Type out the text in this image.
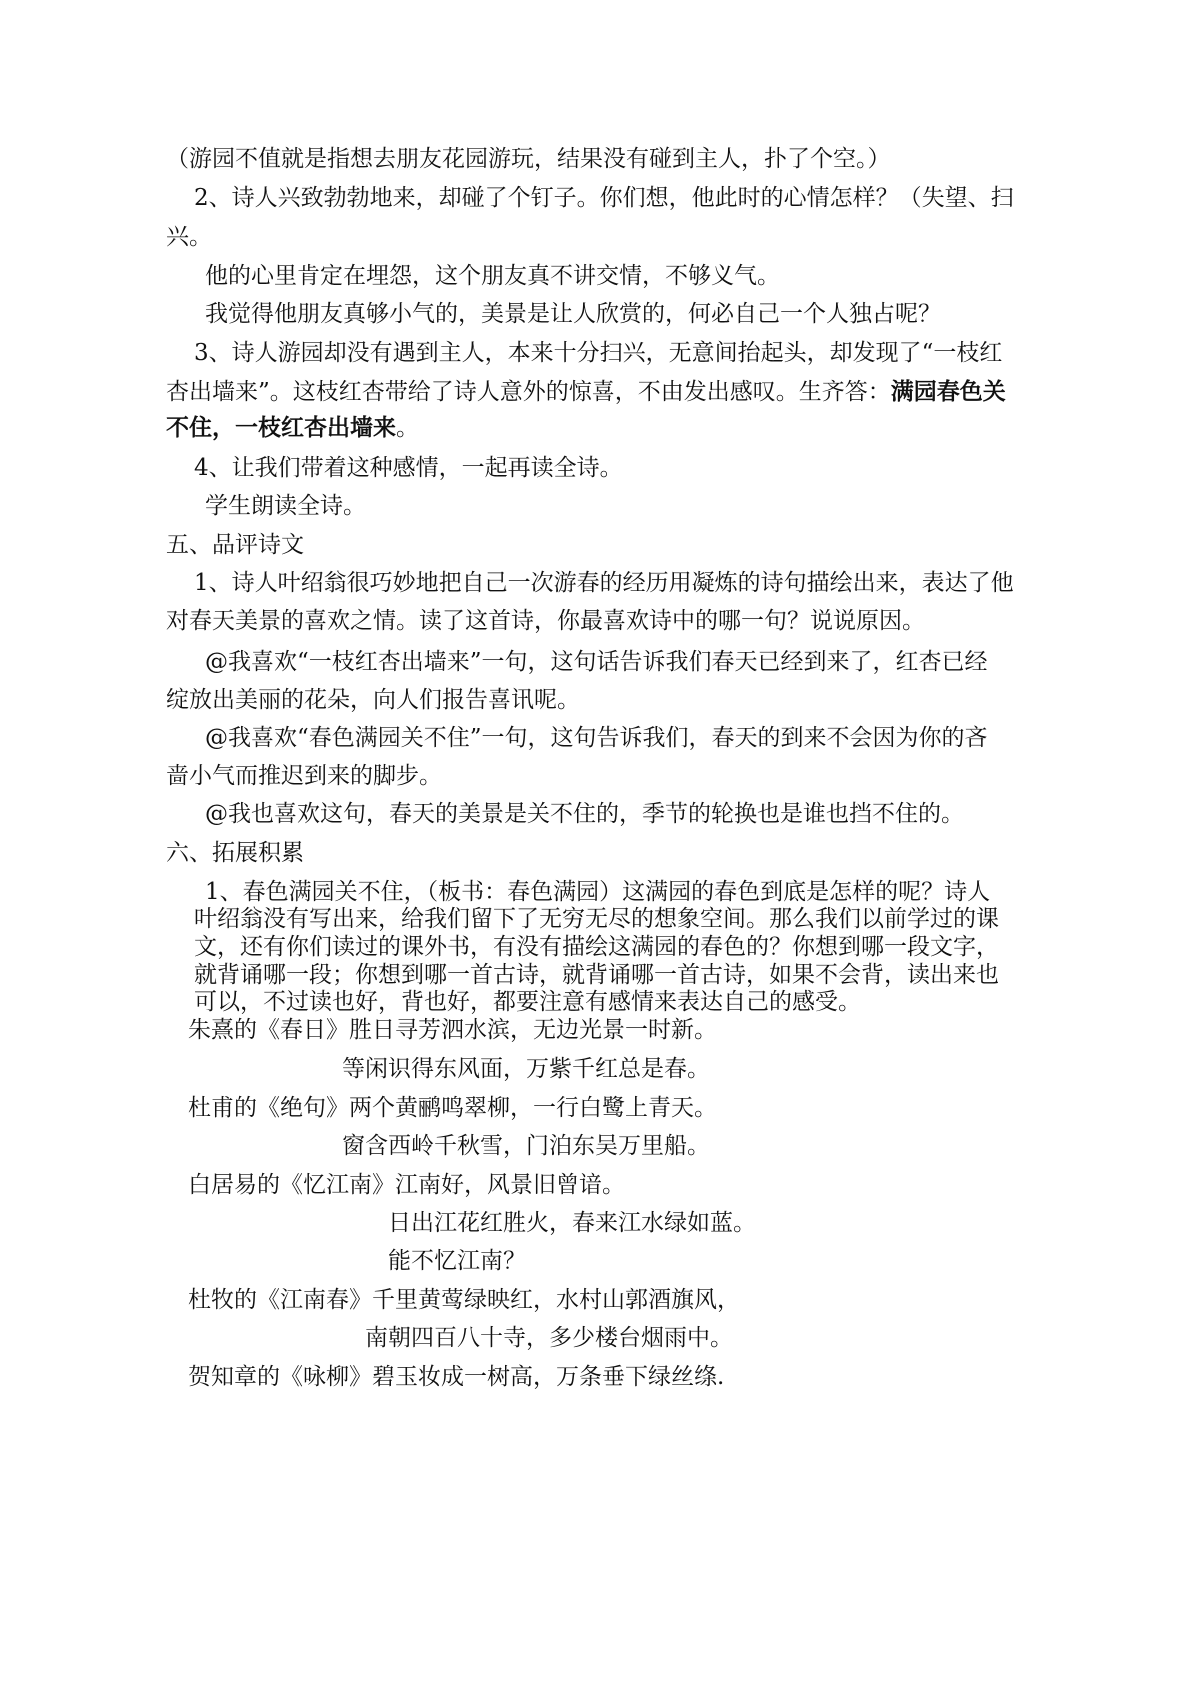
（游园不值就是指想去朋友花园游玩，结果没有碰到主人，扑了个空。）
2、诗人兴致勃勃地来，却碰了个钉子。你们想，他此时的心情怎样？（失望、扫
兴。
他的心里肯定在埋怨，这个朋友真不讲交情，不够义气。
我觉得他朋友真够小气的，美景是让人欣赏的，何必自己一个人独占呢？
3、诗人游园却没有遇到主人，本来十分扫兴，无意间抬起头，却发现了“一枝红
杏出墙来”。这枝红杏带给了诗人意外的惊喜，不由发出感叹。生齐答：满园春色关
不住，一枝红杏出墙来。
4、让我们带着这种感情，一起再读全诗。
学生朗读全诗。
五、品评诗文
1、诗人叶绍翁很巧妙地把自己一次游春的经历用凝炼的诗句描绘出来，表达了他
对春天美景的喜欢之情。读了这首诗，你最喜欢诗中的哪一句？说说原因。
@我喜欢“一枝红杏出墙来”一句，这句话告诉我们春天已经到来了，红杏已经
绽放出美丽的花朵，向人们报告喜讯呢。
@我喜欢“春色满园关不住”一句，这句告诉我们，春天的到来不会因为你的吝
啬小气而推迟到来的脚步。
@我也喜欢这句，春天的美景是关不住的，季节的轮换也是谁也挡不住的。
六、拓展积累
1、春色满园关不住，（板书：春色满园）这满园的春色到底是怎样的呢？诗人
叶绍翁没有写出来，给我们留下了无穷无尽的想象空间。那么我们以前学过的课
文，还有你们读过的课外书，有没有描绘这满园的春色的？你想到哪一段文字，
就背诵哪一段；你想到哪一首古诗，就背诵哪一首古诗，如果不会背，读出来也
可以，不过读也好，背也好，都要注意有感情来表达自己的感受。
朱熹的《春日》胜日寻芳泗水滨，无边光景一时新。
等闲识得东风面，万紫千红总是春。
杜甫的《绝句》两个黄鹂鸣翠柳，一行白鹭上青天。
窗含西岭千秋雪，门泊东吴万里船。
白居易的《忆江南》江南好，风景旧曾谙。
日出江花红胜火，春来江水绿如蓝。
能不忆江南？
杜牧的《江南春》千里黄莺绿映红，水村山郭酒旗风，
南朝四百八十寺，多少楼台烟雨中。
贺知章的《咏柳》碧玉妆成一树高，万条垂下绿丝绦.
